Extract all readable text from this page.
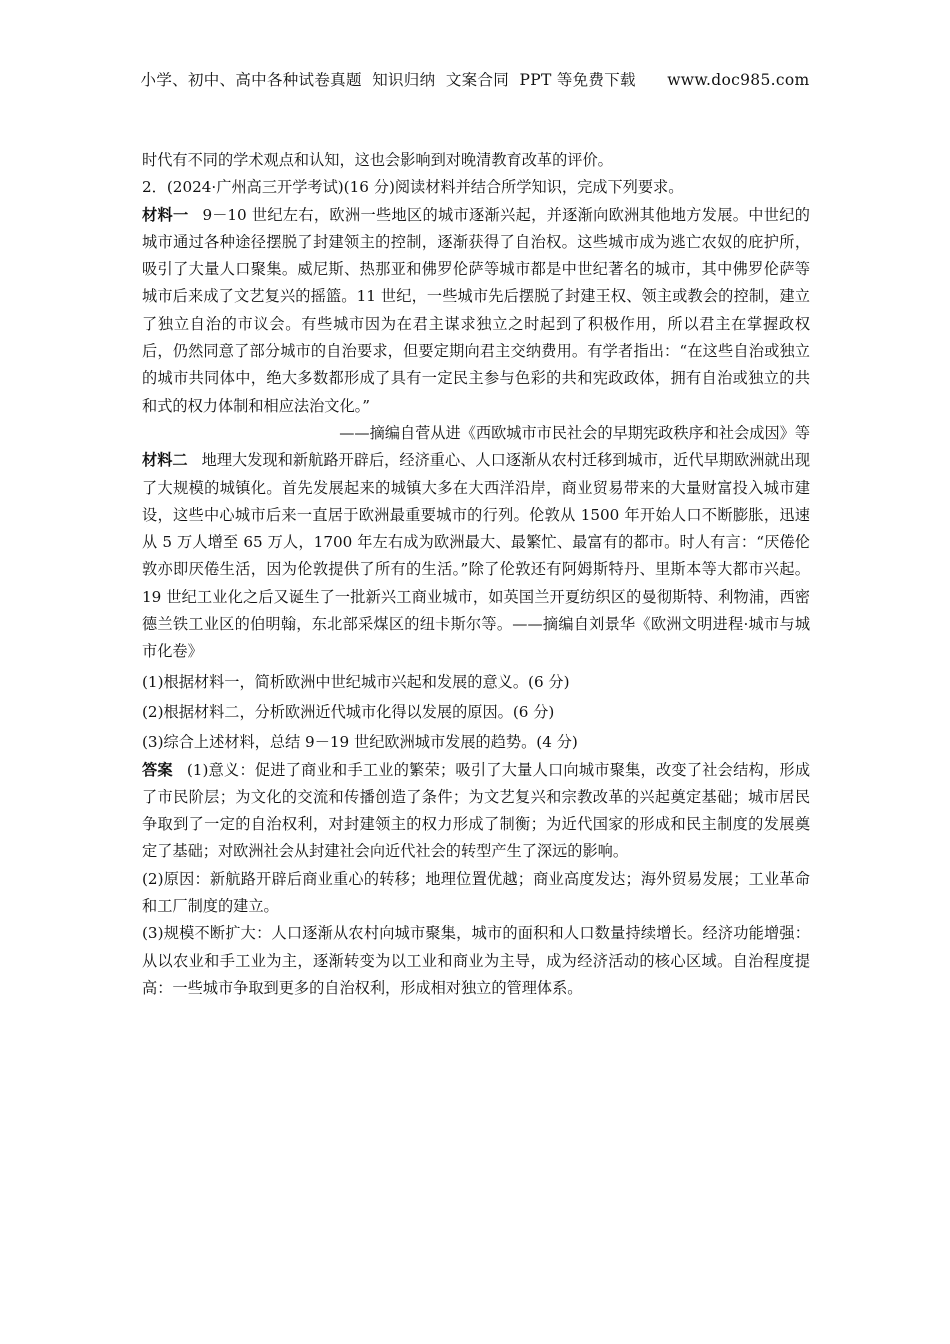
小学、初中、高中各种试卷真题  知识归纳  文案合同  PPT 等免费下载      www.doc985.com

时代有不同的学术观点和认知，这也会影响到对晚清教育改革的评价。

2．(2024·广州高三开学考试)(16 分)阅读材料并结合所学知识，完成下列要求。

材料一 9－10 世纪左右，欧洲一些地区的城市逐渐兴起，并逐渐向欧洲其他地方发展。中世纪的城市通过各种途径摆脱了封建领主的控制，逐渐获得了自治权。这些城市成为逃亡农奴的庇护所，吸引了大量人口聚集。威尼斯、热那亚和佛罗伦萨等城市都是中世纪著名的城市，其中佛罗伦萨等城市后来成了文艺复兴的摇篮。11 世纪，一些城市先后摆脱了封建王权、领主或教会的控制，建立了独立自治的市议会。有些城市因为在君主谋求独立之时起到了积极作用，所以君主在掌握政权后，仍然同意了部分城市的自治要求，但要定期向君主交纳费用。有学者指出：“在这些自治或独立的城市共同体中，绝大多数都形成了具有一定民主参与色彩的共和宪政政体，拥有自治或独立的共和式的权力体制和相应法治文化。”

——摘编自菅从进《西欧城市市民社会的早期宪政秩序和社会成因》等

材料二 地理大发现和新航路开辟后，经济重心、人口逐渐从农村迁移到城市，近代早期欧洲就出现了大规模的城镇化。首先发展起来的城镇大多在大西洋沿岸，商业贸易带来的大量财富投入城市建设，这些中心城市后来一直居于欧洲最重要城市的行列。伦敦从 1500 年开始人口不断膨胀，迅速从 5 万人增至 65 万人，1700 年左右成为欧洲最大、最繁忙、最富有的都市。时人有言：“厌倦伦敦亦即厌倦生活，因为伦敦提供了所有的生活。”除了伦敦还有阿姆斯特丹、里斯本等大都市兴起。19 世纪工业化之后又诞生了一批新兴工商业城市，如英国兰开夏纺织区的曼彻斯特、利物浦，西密德兰铁工业区的伯明翰，东北部采煤区的纽卡斯尔等。——摘编自刘景华《欧洲文明进程·城市与城市化卷》

(1)根据材料一，简析欧洲中世纪城市兴起和发展的意义。(6 分)

(2)根据材料二，分析欧洲近代城市化得以发展的原因。(6 分)

(3)综合上述材料，总结 9－19 世纪欧洲城市发展的趋势。(4 分)

答案 (1)意义：促进了商业和手工业的繁荣；吸引了大量人口向城市聚集，改变了社会结构，形成了市民阶层；为文化的交流和传播创造了条件；为文艺复兴和宗教改革的兴起奠定基础；城市居民争取到了一定的自治权利，对封建领主的权力形成了制衡；为近代国家的形成和民主制度的发展奠定了基础；对欧洲社会从封建社会向近代社会的转型产生了深远的影响。

(2)原因：新航路开辟后商业重心的转移；地理位置优越；商业高度发达；海外贸易发展；工业革命和工厂制度的建立。

(3)规模不断扩大：人口逐渐从农村向城市聚集，城市的面积和人口数量持续增长。经济功能增强：从以农业和手工业为主，逐渐转变为以工业和商业为主导，成为经济活动的核心区域。自治程度提高：一些城市争取到更多的自治权利，形成相对独立的管理体系。
